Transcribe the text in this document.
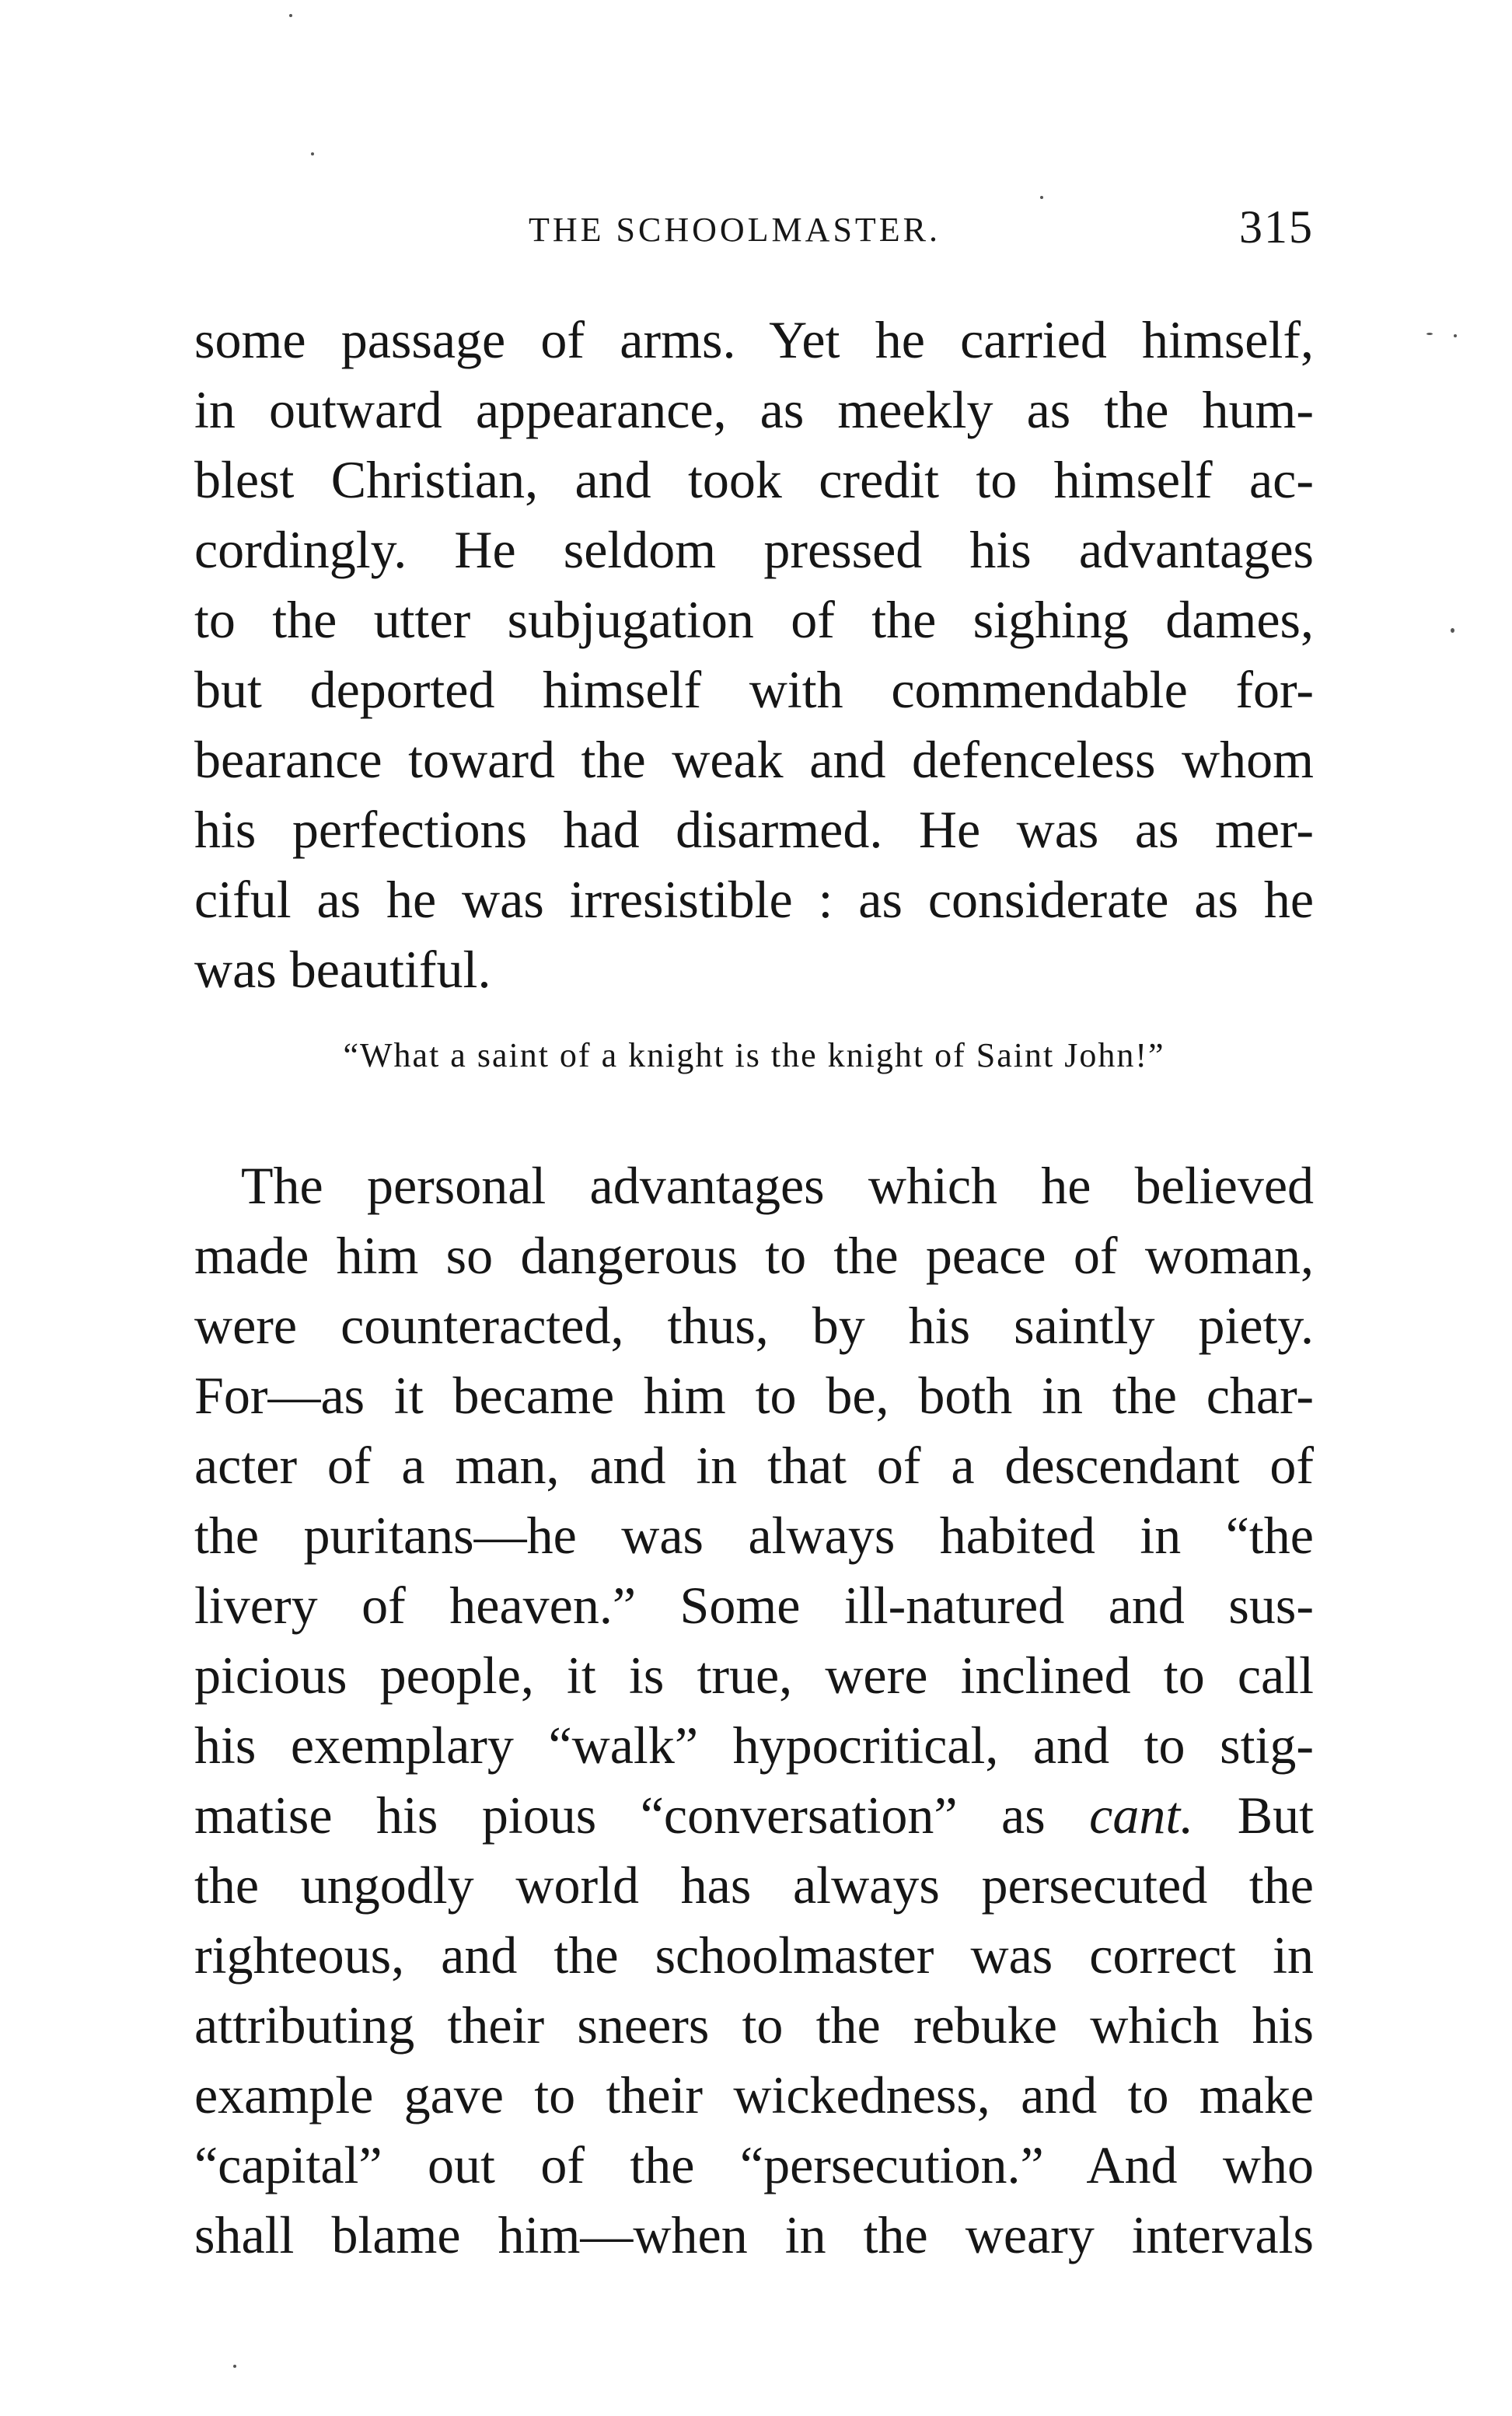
THE SCHOOLMASTER.	315
some passage of arms. Yet he carried himself,
in outward appearance, as meekly as the hum-
blest Christian, and took credit to himself ac-
cordingly. He seldom pressed his advantages
to the utter subjugation of the sighing dames,
but deported himself with commendable for-
bearance toward the weak and defenceless whom
his perfections had disarmed. He was as mer-
ciful as he was irresistible : as considerate as he
was beautiful.
“What a saint of a knight is the knight of Saint John!”
The personal advantages which he believed
made him so dangerous to the peace of woman,
were counteracted, thus, by his saintly piety.
For—as it became him to be, both in the char-
acter of a man, and in that of a descendant of
the puritans—he was always habited in “the
livery of heaven.” Some ill-natured and sus-
picious people, it is true, were inclined to call
his exemplary “walk” hypocritical, and to stig-
matise his pious “conversation” as cant. But
the ungodly world has always persecuted the
righteous, and the schoolmaster was correct in
attributing their sneers to the rebuke which his
example gave to their wickedness, and to make
“capital” out of the “persecution.” And who
shall blame him—when in the weary intervals
